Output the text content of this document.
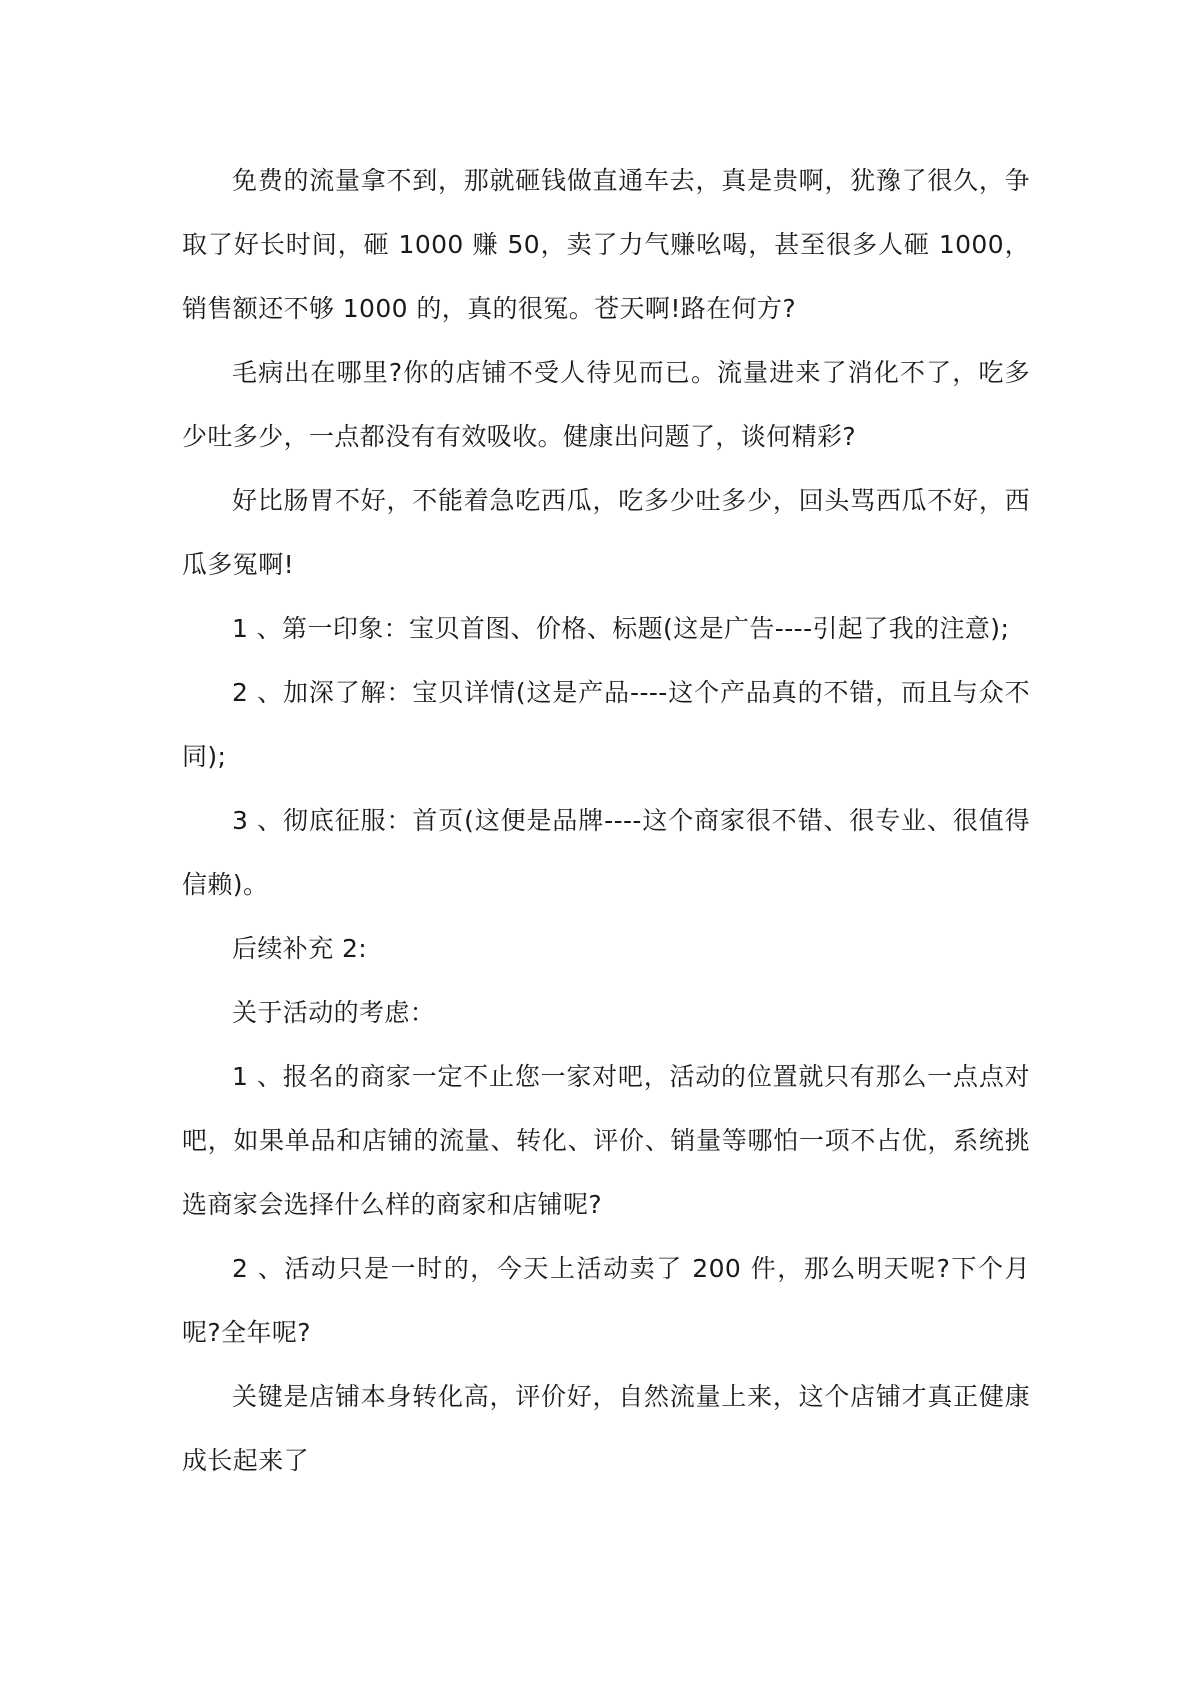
免费的流量拿不到，那就砸钱做直通车去，真是贵啊，犹豫了很久，争取了好长时间，砸 1000 赚 50，卖了力气赚吆喝，甚至很多人砸 1000，销售额还不够 1000 的，真的很冤。苍天啊!路在何方?

毛病出在哪里?你的店铺不受人待见而已。流量进来了消化不了，吃多少吐多少，一点都没有有效吸收。健康出问题了，谈何精彩?

好比肠胃不好，不能着急吃西瓜，吃多少吐多少，回头骂西瓜不好，西瓜多冤啊!

1 、第一印象：宝贝首图、价格、标题(这是广告----引起了我的注意);

2 、加深了解：宝贝详情(这是产品----这个产品真的不错，而且与众不同);

3 、彻底征服：首页(这便是品牌----这个商家很不错、很专业、很值得信赖)。

后续补充 2:

关于活动的考虑：

1 、报名的商家一定不止您一家对吧，活动的位置就只有那么一点点对吧，如果单品和店铺的流量、转化、评价、销量等哪怕一项不占优，系统挑选商家会选择什么样的商家和店铺呢?

2 、活动只是一时的，今天上活动卖了 200 件，那么明天呢?下个月呢?全年呢?

关键是店铺本身转化高，评价好，自然流量上来，这个店铺才真正健康成长起来了
